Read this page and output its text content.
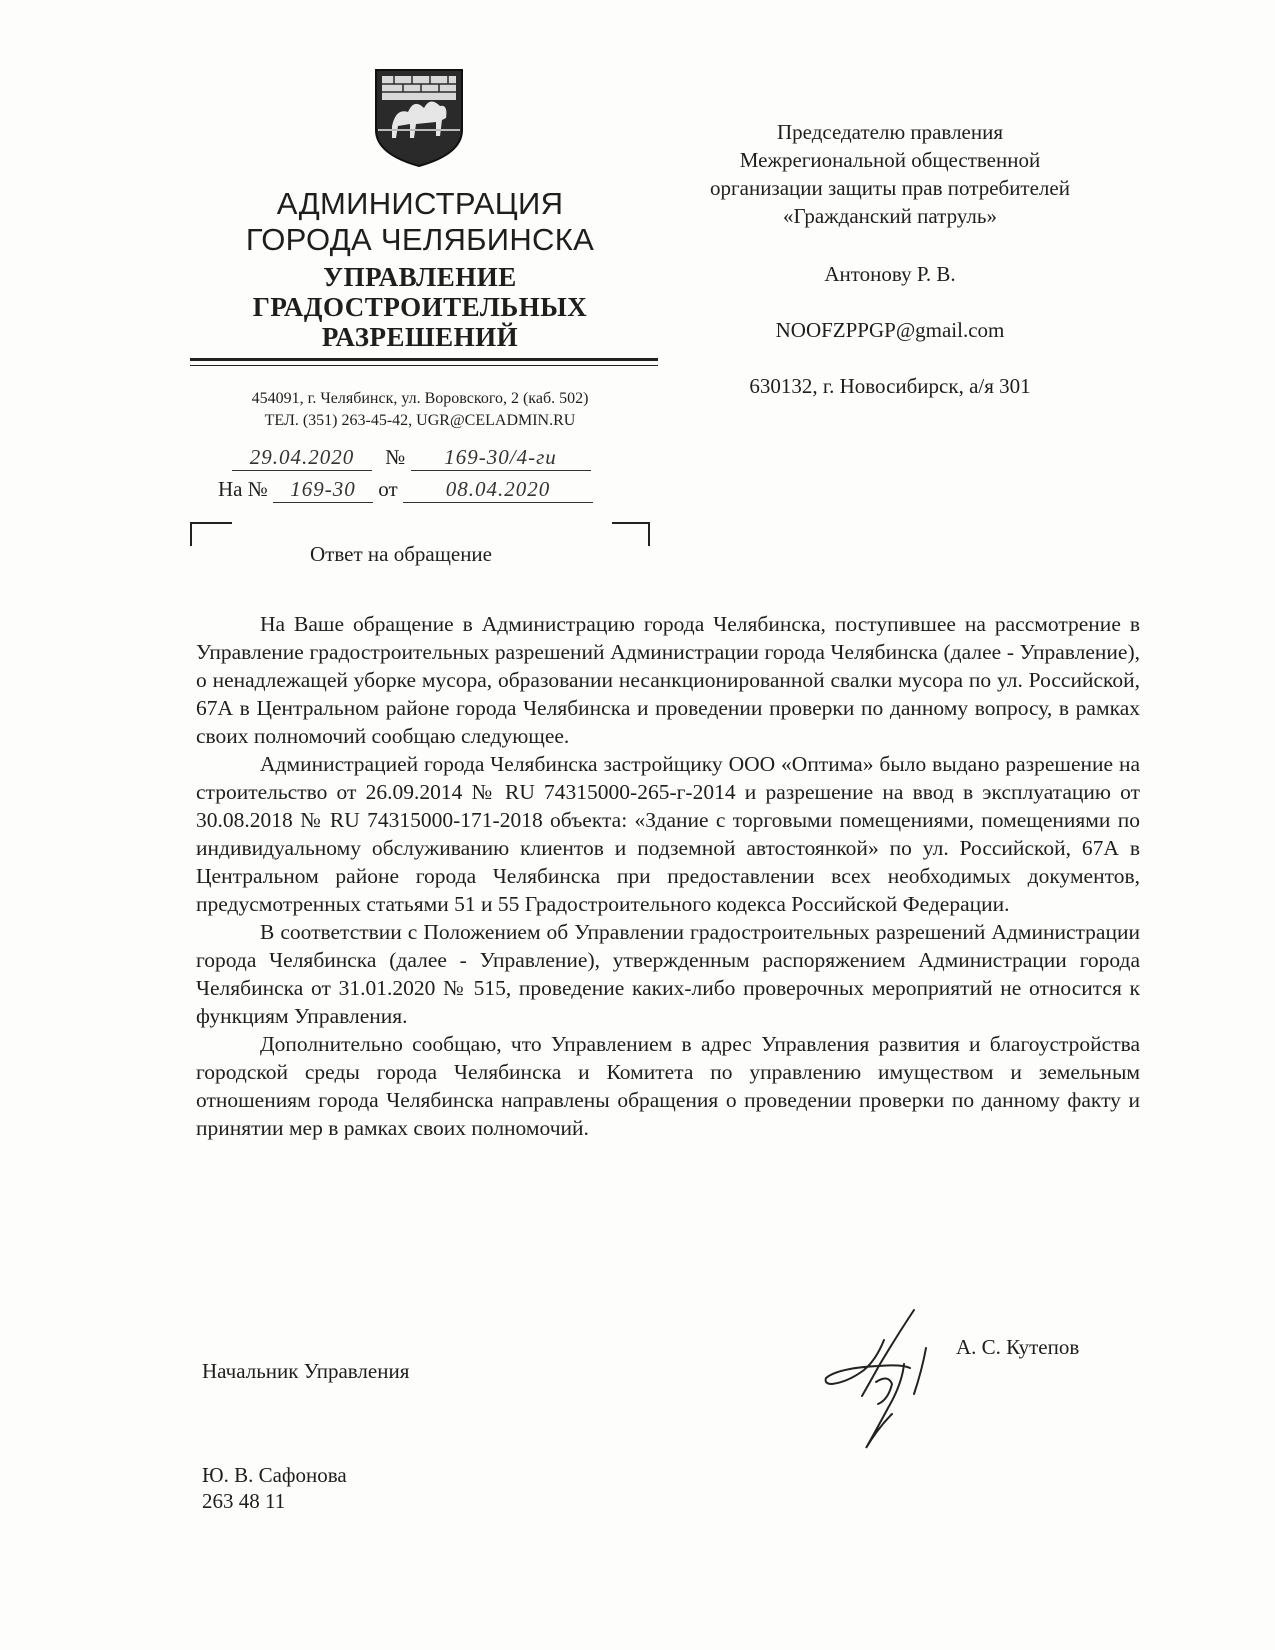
АДМИНИСТРАЦИЯ
ГОРОДА ЧЕЛЯБИНСКА
УПРАВЛЕНИЕ
ГРАДОСТРОИТЕЛЬНЫХ
РАЗРЕШЕНИЙ
454091, г. Челябинск, ул. Воровского, 2 (каб. 502)
ТЕЛ. (351) 263-45-42, UGR@CELADMIN.RU
29.04.2020 № 169-30/4-ги
На № 169-30 от 08.04.2020
Ответ на обращение
Председателю правления
Межрегиональной общественной
организации защиты прав потребителей
«Гражданский патруль»
Антонову Р. В.
NOOFZPPGP@gmail.com
630132, г. Новосибирск, а/я 301

На Ваше обращение в Администрацию города Челябинска, поступившее на рассмотрение в Управление градостроительных разрешений Администрации города Челябинска (далее - Управление), о ненадлежащей уборке мусора, образовании несанкционированной свалки мусора по ул. Российской, 67А в Центральном районе города Челябинска и проведении проверки по данному вопросу, в рамках своих полномочий сообщаю следующее.

Администрацией города Челябинска застройщику ООО «Оптима» было выдано разрешение на строительство от 26.09.2014 № RU 74315000-265-г-2014 и разрешение на ввод в эксплуатацию от 30.08.2018 № RU 74315000-171-2018 объекта: «Здание с торговыми помещениями, помещениями по индивидуальному обслуживанию клиентов и подземной автостоянкой» по ул. Российской, 67А в Центральном районе города Челябинска при предоставлении всех необходимых документов, предусмотренных статьями 51 и 55 Градостроительного кодекса Российской Федерации.

В соответствии с Положением об Управлении градостроительных разрешений Администрации города Челябинска (далее - Управление), утвержденным распоряжением Администрации города Челябинска от 31.01.2020 № 515, проведение каких-либо проверочных мероприятий не относится к функциям Управления.

Дополнительно сообщаю, что Управлением в адрес Управления развития и благоустройства городской среды города Челябинска и Комитета по управлению имуществом и земельным отношениям города Челябинска направлены обращения о проведении проверки по данному факту и принятии мер в рамках своих полномочий.

Начальник Управления
А. С. Кутепов
Ю. В. Сафонова
263 48 11
